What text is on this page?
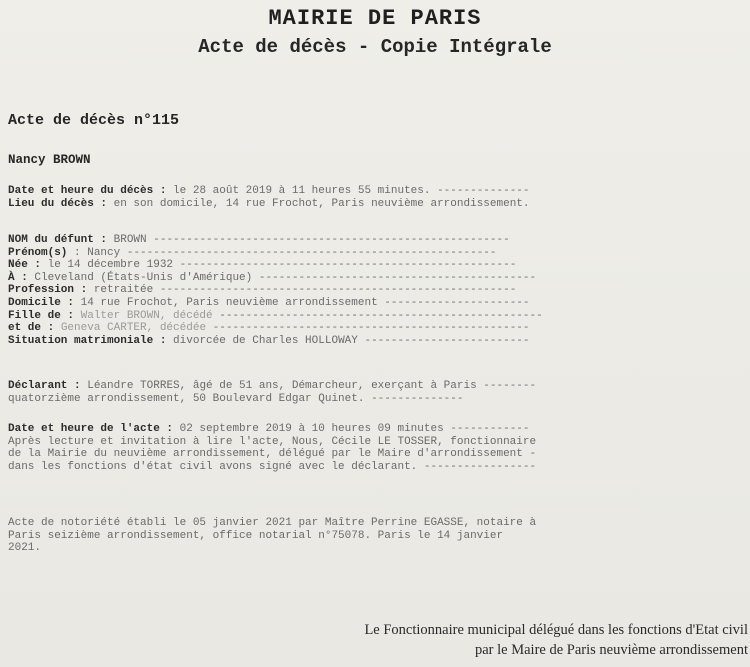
MAIRIE DE PARIS
Acte de décès - Copie Intégrale
Acte de décès n°115
Nancy BROWN
Date et heure du décès : le 28 août 2019 à 11 heures 55 minutes. --------------
Lieu du décès : en son domicile, 14 rue Frochot, Paris neuvième arrondissement.
NOM du défunt : BROWN ------------------------------------------------------
Prénom(s) : Nancy --------------------------------------------------------
Née : le 14 décembre 1932 ---------------------------------------------------
À : Cleveland (États-Unis d'Amérique) ------------------------------------------
Profession : retraitée ------------------------------------------------------
Domicile : 14 rue Frochot, Paris neuvième arrondissement ----------------------
Fille de : Walter BROWN, décédé -------------------------------------------------
et de : Geneva CARTER, décédée ------------------------------------------------
Situation matrimoniale : divorcée de Charles HOLLOWAY -------------------------
Déclarant : Léandre TORRES, âgé de 51 ans, Démarcheur, exerçant à Paris --------
quatorzième arrondissement, 50 Boulevard Edgar Quinet. --------------
Date et heure de l'acte : 02 septembre 2019 à 10 heures 09 minutes ------------
Après lecture et invitation à lire l'acte, Nous, Cécile LE TOSSER, fonctionnaire
de la Mairie du neuvième arrondissement, délégué par le Maire d'arrondissement -
dans les fonctions d'état civil avons signé avec le déclarant. -----------------
Acte de notoriété établi le 05 janvier 2021 par Maître Perrine EGASSE, notaire à
Paris seizième arrondissement, office notarial n°75078. Paris le 14 janvier
2021.
Le Fonctionnaire municipal délégué dans les fonctions d'Etat civil
par le Maire de Paris neuvième arrondissement
